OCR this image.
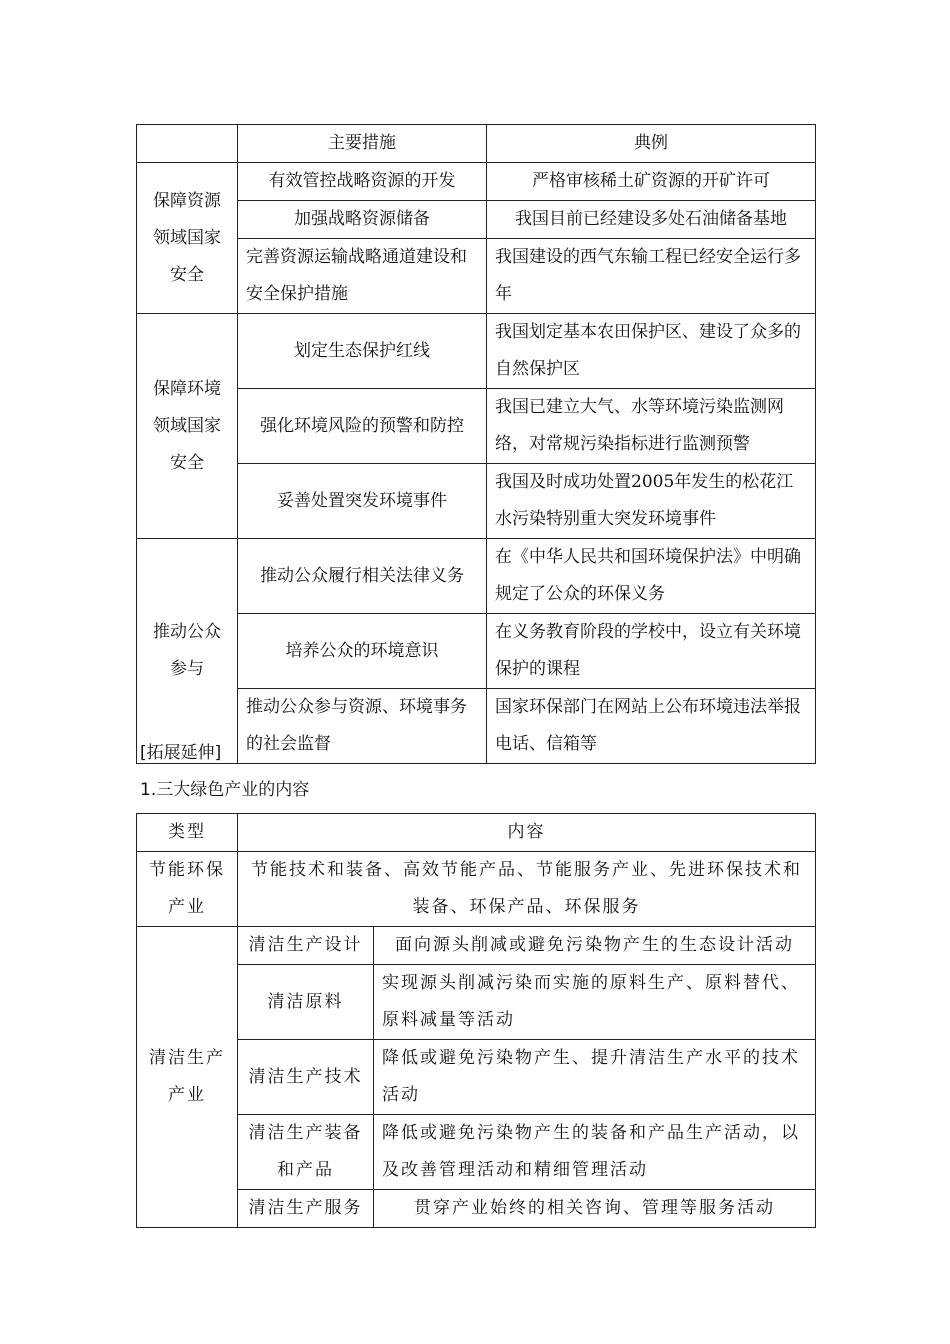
	主要措施	典例
保障资源领域国家安全	有效管控战略资源的开发	严格审核稀土矿资源的开矿许可
	加强战略资源储备	我国目前已经建设多处石油储备基地
	完善资源运输战略通道建设和安全保护措施	我国建设的西气东输工程已经安全运行多年
保障环境领域国家安全	划定生态保护红线	我国划定基本农田保护区、建设了众多的自然保护区
	强化环境风险的预警和防控	我国已建立大气、水等环境污染监测网络，对常规污染指标进行监测预警
	妥善处置突发环境事件	我国及时成功处置2005年发生的松花江水污染特别重大突发环境事件
推动公众参与	推动公众履行相关法律义务	在《中华人民共和国环境保护法》中明确规定了公众的环保义务
	培养公众的环境意识	在义务教育阶段的学校中，设立有关环境保护的课程
	推动公众参与资源、环境事务的社会监督	国家环保部门在网站上公布环境违法举报电话、信箱等
[拓展延伸]
1.三大绿色产业的内容
类型	内容	
节能环保产业	节能技术和装备、高效节能产品、节能服务产业、先进环保技术和装备、环保产品、环保服务	
清洁生产产业	清洁生产设计	面向源头削减或避免污染物产生的生态设计活动
	清洁原料	实现源头削减污染而实施的原料生产、原料替代、原料减量等活动
	清洁生产技术	降低或避免污染物产生、提升清洁生产水平的技术活动
	清洁生产装备和产品	降低或避免污染物产生的装备和产品生产活动，以及改善管理活动和精细管理活动
	清洁生产服务	贯穿产业始终的相关咨询、管理等服务活动
